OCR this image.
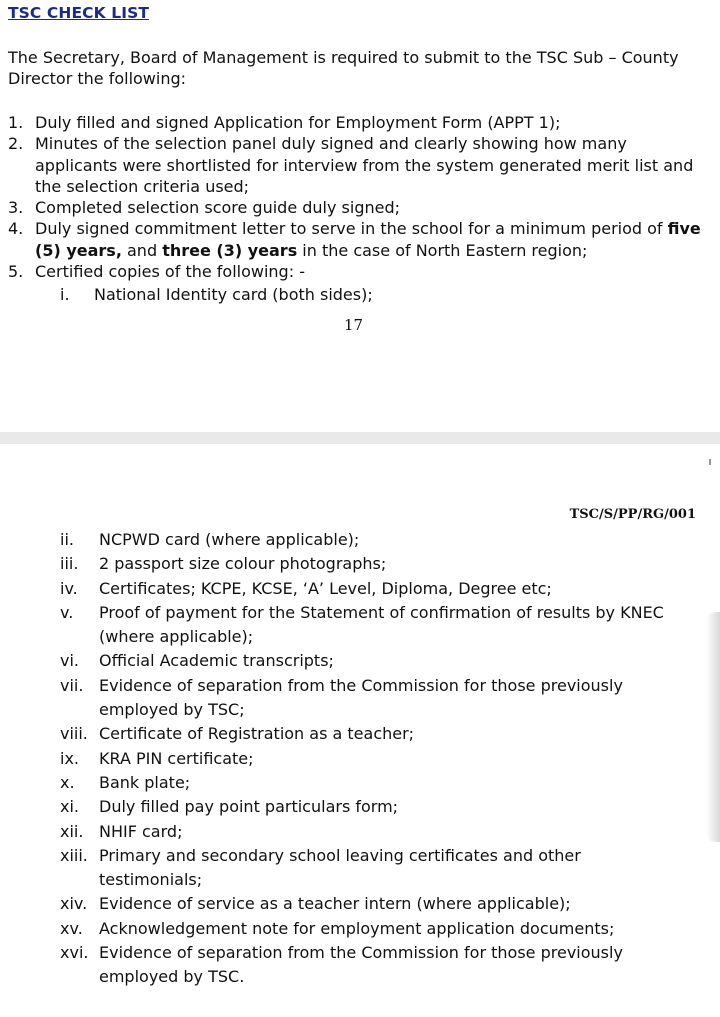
TSC CHECK LIST
The Secretary, Board of Management is required to submit to the TSC Sub – County Director the following:
1. Duly filled and signed Application for Employment Form (APPT 1);
2. Minutes of the selection panel duly signed and clearly showing how many applicants were shortlisted for interview from the system generated merit list and the selection criteria used;
3. Completed selection score guide duly signed;
4. Duly signed commitment letter to serve in the school for a minimum period of five (5) years, and three (3) years in the case of North Eastern region;
5. Certified copies of the following: -
i.	National Identity card (both sides);
17
TSC/S/PP/RG/001
ii.	NCPWD card (where applicable);
iii.	2 passport size colour photographs;
iv.	Certificates; KCPE, KCSE, ‘A’ Level, Diploma, Degree etc;
v.	Proof of payment for the Statement of confirmation of results by KNEC
(where applicable);
vi.	Official Academic transcripts;
vii. Evidence of separation from the Commission for those previously
employed by TSC;
viii. Certificate of Registration as a teacher;
ix.	KRA PIN certificate;
x.	Bank plate;
xi.	Duly filled pay point particulars form;
xii. NHIF card;
xiii. Primary and secondary school leaving certificates and other
testimonials;
xiv. Evidence of service as a teacher intern (where applicable);
xv.	Acknowledgement note for employment application documents;
xvi. Evidence of separation from the Commission for those previously
employed by TSC.
